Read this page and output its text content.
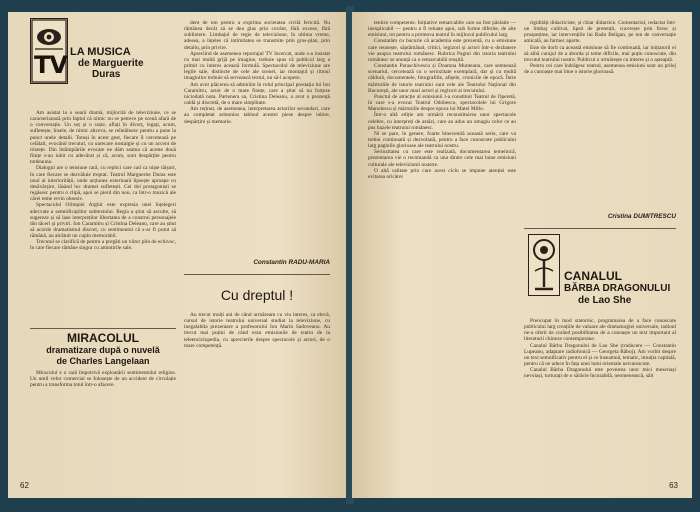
TV LA MUSICA
de Marguerite
Duras

Am asistat la o seară dramă, mijlocită de televiziune, ce se caracterizează prin faptul că nimic nu se petrece pe scenă afară de o conversație. Un soț și o soție, aflați în divorț, legați, acum, sufletește, însele, de nimic altceva, se reîntâlnesc pentru a pune la punct unele detalii. Totuși în acest gest, fiecare îl cercetează pe celălalt, evocând trecutul, cu oarecare nostalgie și cu un accent de tristețe. Din întâmplările evocate ne dăm seama că aceste două ființe s-au iubit cu adevărat și că, acum, sunt despărțite pentru totdeauna.

Dialogul are o tensiune rară, cu replici care cad ca niște tăișuri, în care fiecare se dezvăluie treptat. Teatrul Marguerite Duras este unul al interiorității, unde acțiunea exterioară lipsește aproape cu desăvârșire, lăsând loc dramei sufletești. Cei doi protagoniști se regăsesc pentru o clipă, apoi se pierd din nou, ca într-o muzică ale cărei teme revin obsesiv.

Spectacolul Olimpiei Arghir este expresia unei înțelegeri adecvate a semnificațiilor subtextului. Regia a știut să asculte, să sugereze și să lase interpreților libertatea de a construi personajele din tăceri și priviri. Ion Caramitru și Cristina Deleanu, care au știut să acorde dramatismul discret, cu sentimentul că s-ar fi putut să rămână, au alcătuit un cuplu memorabil.

Trecutul se clarifică de pentru a pregăti un viitor plin de echivoc, în care fiecare rămâne singur cu amintirile sale.

MIRACOLUL
dramatizare după o nuvelă
de Charles Langelaan

Miracolul e o rară împotrivă exploatării sentimentului religios. Un umil velor comercial se folosește de un accident de circulație pentru a transforma totul într-o afacere.

dent de ton pentru a exprima societatea civilă fericită. Nu rămânea decât să se dea glas prin cuvânt, fără excese, fără subliniere. Limbajul de regie de televiziune, în ultima vreme, adesea, a înțeles că intimitatea se transmite prin gros-plan, prin detaliu, prin privire.

Apreciind de asemenea reportajul TV încercat, unde s-a insistat cu mai multă grijă pe imagine, trebuie spus că publicul larg a primit cu interes această formulă. Spectacolul de televiziune are legile sale, distincte de cele ale scenei, iar montajul și ritmul imaginilor trebuie să servească textul, nu să-l acopere.

Am avut plăcerea să admirăm în rolul principal prestația lui Ion Caramitru, actor de o mare finețe, care a știut să nu forțeze niciodată nota. Partenera sa, Cristina Deleanu, a avut o prezență caldă și discretă, de o mare simplitate.

Am reținut, de asemenea, interpretarea actorilor secundari, care au completat armonios tabloul acestei piese despre iubire, despărțire și memorie.

Constantin RADU-MARIA
Cu dreptul !

Au trecut mulți ani de când urmăream cu viu interes, ca elevă, cursul de istorie teatrului universal studiat la televiziune, cu inegalabila prezentare a profesorului Ion Marin Sadoveanu. Au trecut mai puțini de când erau emisiunile de teatru de la teleenciclopedia, cu aprecierile despre spectacole și actori, de o mare competență.

62

tentice competente. Inițiative remarcabile care au fost părăsite — inexplicabil — pentru a fi reluate apoi, sub forme diferite, de alte emisiuni, tot pentru a promova teatrul în mijlocul publicului larg.

Constatăm cu bucurie că academia este prezentă, cu o emisiune care reunește, săptămânal, critici, regizori și actori într-o dezbatere vie asupra teatrului românesc. Rubrica Pagini din istoria teatrului românesc se anunță ca o remarcabilă reușită.

Constantin Paraschivescu și Doamna Munteanu, care semnează scenariul, cercetează cu o seriozitate exemplară, dar și cu multă căldură, documentele, fotografiile, afișele, cronicile de epocă. Între mărturiile de istorie teatrului sunt cele ale Teatrului Național din București, ale unor mari actori și regizori ai trecutului.

Punctul de atracție al emisiunii l-a constituit Teatrul de Operetă, în care s-a evocat Teatrul Odobescu, spectacolele lui Grigore Manolescu și mărturiile despre epoca lui Matei Millo.

Într-o altă ediție am urmărit reconstituirea unor spectacole celebre, cu interpreți de astăzi, care au adus un omagiu celor ce au pus bazele teatrului românesc.

Ni se pare, în genere, foarte binevenită această serie, care va trebui continuată și dezvoltată, pentru a face cunoscute publicului larg paginile glorioase ale teatrului nostru.

Seriozitatea cu care este realizată, documentarea temeinică, prezentarea vie o recomandă ca una dintre cele mai bune emisiuni culturale ale televiziunii noastre.

O altă calitate prin care acest ciclu se impune atenției este evitarea oricărei

rigidități didacticiste, și chiar didactice. Comentariul, redactat într-un limbaj cultivat, lipsit de pretenții, cucerește prin firesc și prospețime, iar intervențiile lui Radu Beligan, pe ton de conversație amicală, au farmec aparte.

Este de dorit ca această emisiune să fie continuată, iar inițiatorii ei să aibă curajul de a aborda și teme dificile, mai puțin cunoscute, din trecutul teatrului nostru. Publicul o urmărește cu interes și o așteaptă.

Pentru cei care îndrăgesc teatrul, asemenea emisiuni sunt un prilej de a cunoaște mai bine o istorie glorioasă.

Cristina DUMITRESCU
CANALUL
BĂRBA DRAGONULUI
de Lao She

Preocupat în mod statornic, programarea de a face cunoscute publicului larg creațiile de valoare ale dramaturgiei universale, radioul ne-a oferit de curând posibilitatea de a cunoaște un text important al literaturii chineze contemporane.

Canalul Bărba Dragonului de Lao She (traducere — Constantin Lupeanu, adaptare radiofonică — Georgeta Răboj). Am vorbit despre un text semnificativ pentru el și ce înseamnă, tematic, intuiția capitală, pentru că ne aduce în fața unei lumi orientale necunoscute.

Canalul Bărba Dragonului este povestea unor mici meseriași nevoiași, torturați de o sărăcie încurabilă, neomenească, sălt

63
